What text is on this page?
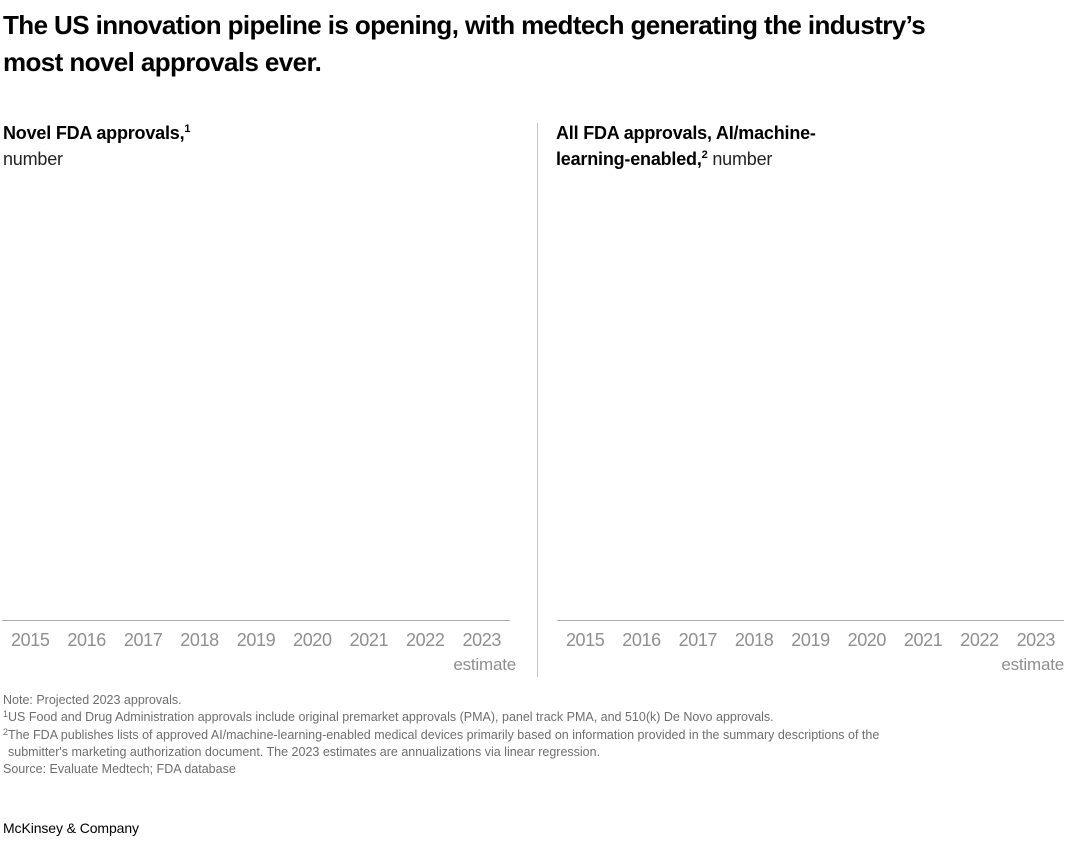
The US innovation pipeline is opening, with medtech generating the industry’s
most novel approvals ever.
Novel FDA approvals,$^1$
number
All FDA approvals, AI/machine-
learning-enabled,$^2$ number
2015 2016 2017 2018 2019 2020 2021 2022 2023	2015 2016 2017 2018 2019 2020 2021 2022 2023
estimate	estimate
Note: Projected 2023 approvals.
$^1$US Food and Drug Administration approvals include original premarket approvals (PMA), panel track PMA, and 510(k) De Novo approvals.
$^2$The FDA publishes lists of approved AI/machine-learning-enabled medical devices primarily based on information provided in the summary descriptions of the
submitter's marketing authorization document. The 2023 estimates are annualizations via linear regression.
Source: Evaluate Medtech; FDA database
McKinsey & Company
